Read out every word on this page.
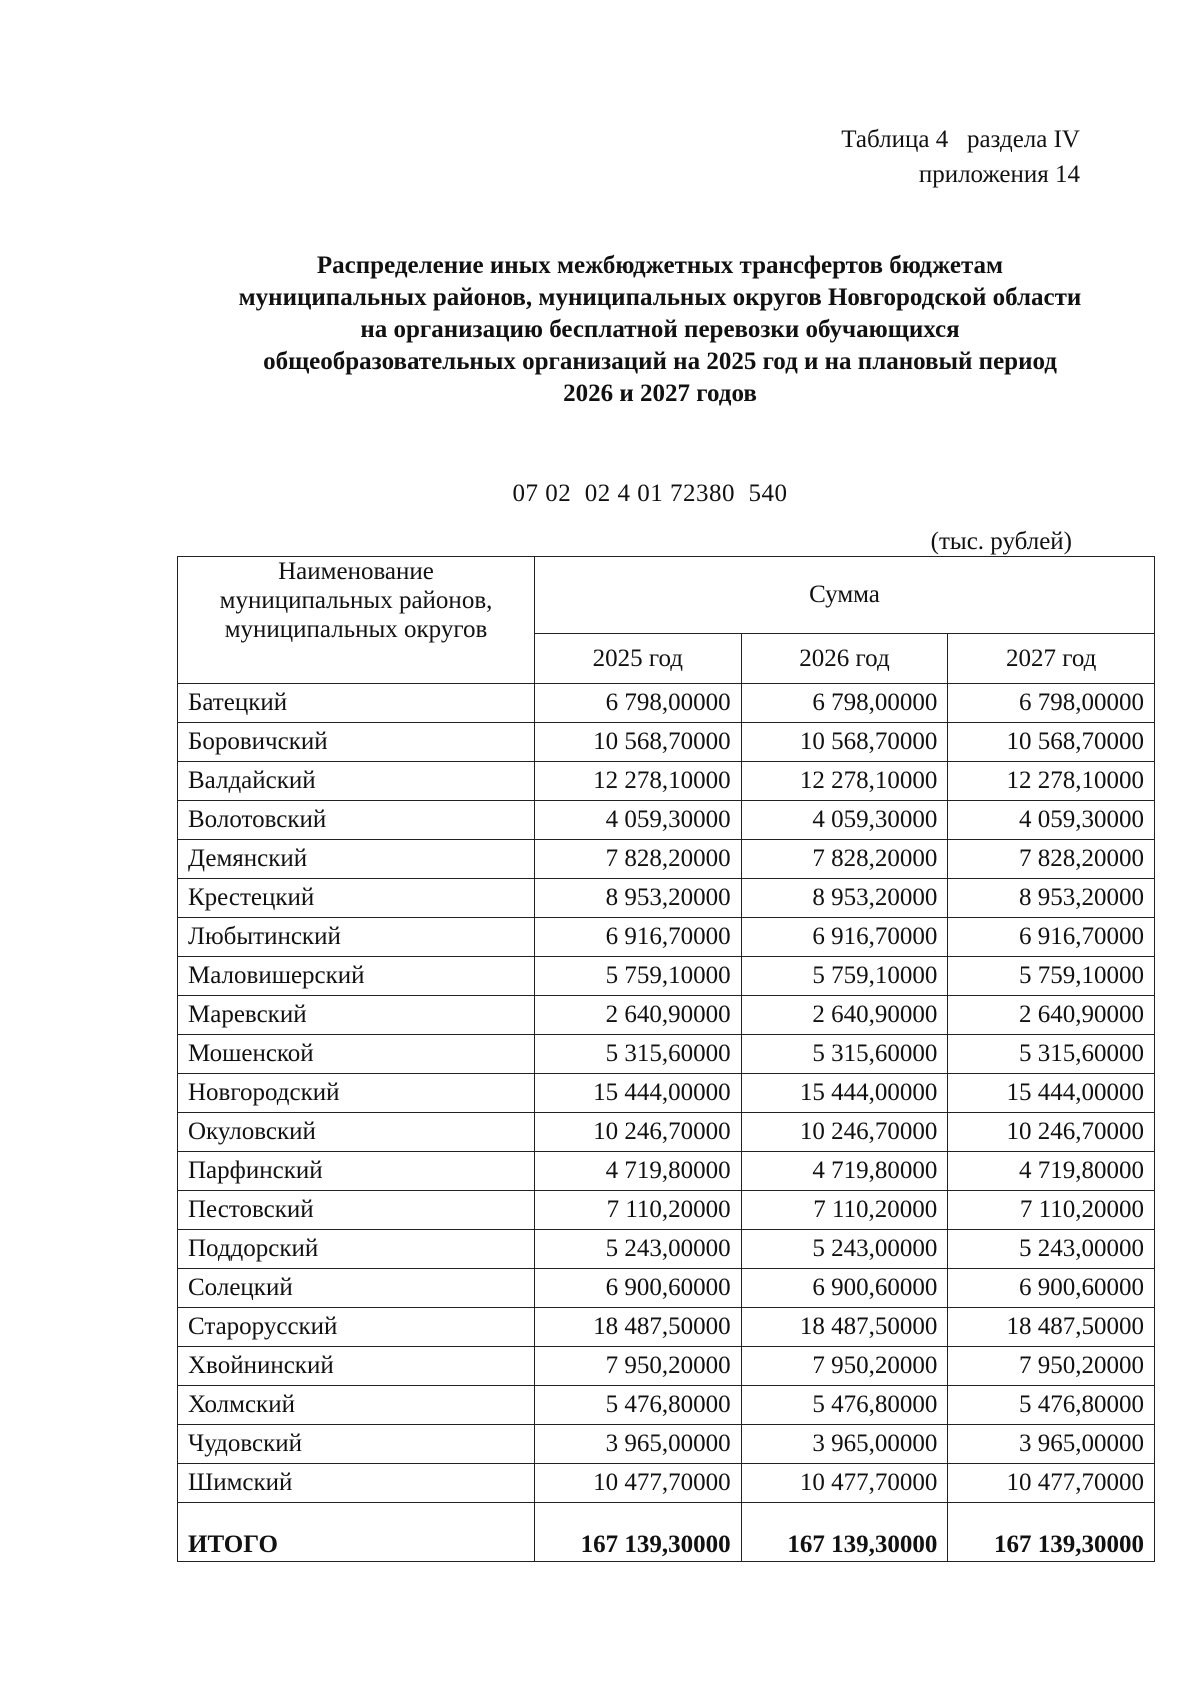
Таблица 4   раздела IV
приложения 14
Распределение иных межбюджетных трансфертов бюджетам
муниципальных районов, муниципальных округов Новгородской области
на организацию бесплатной перевозки обучающихся
общеобразовательных организаций на 2025 год и на плановый период
2026 и 2027 годов
07 02  02 4 01 72380  540
(тыс. рублей)
Наименование
муниципальных районов,
муниципальных округов	Сумма		
	2025 год	2026 год	2027 год
Батецкий	6 798,00000	6 798,00000	6 798,00000
Боровичский	10 568,70000	10 568,70000	10 568,70000
Валдайский	12 278,10000	12 278,10000	12 278,10000
Волотовский	4 059,30000	4 059,30000	4 059,30000
Демянский	7 828,20000	7 828,20000	7 828,20000
Крестецкий	8 953,20000	8 953,20000	8 953,20000
Любытинский	6 916,70000	6 916,70000	6 916,70000
Маловишерский	5 759,10000	5 759,10000	5 759,10000
Маревский	2 640,90000	2 640,90000	2 640,90000
Мошенской	5 315,60000	5 315,60000	5 315,60000
Новгородский	15 444,00000	15 444,00000	15 444,00000
Окуловский	10 246,70000	10 246,70000	10 246,70000
Парфинский	4 719,80000	4 719,80000	4 719,80000
Пестовский	7 110,20000	7 110,20000	7 110,20000
Поддорский	5 243,00000	5 243,00000	5 243,00000
Солецкий	6 900,60000	6 900,60000	6 900,60000
Старорусский	18 487,50000	18 487,50000	18 487,50000
Хвойнинский	7 950,20000	7 950,20000	7 950,20000
Холмский	5 476,80000	5 476,80000	5 476,80000
Чудовский	3 965,00000	3 965,00000	3 965,00000
Шимский	10 477,70000	10 477,70000	10 477,70000
ИТОГО	167 139,30000	167 139,30000	167 139,30000
